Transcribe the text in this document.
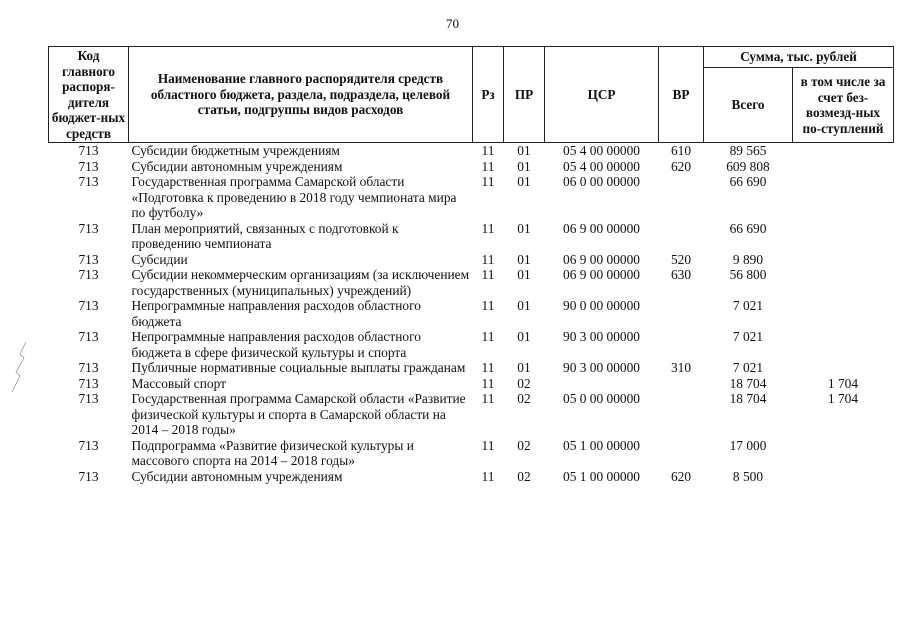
70
Код главного распоря-дителя бюджет-ных средств	Наименование главного распорядителя средств областного бюджета, раздела, подраздела, целевой статьи, подгруппы видов расходов	Рз	ПР	ЦСР	ВР	Сумма, тыс. рублей	
						Всего	в том числе за счет без-возмезд-ных по-ступлений
713	Субсидии бюджетным учреждениям	11	01	05 4 00 00000	610	89 565	
713	Субсидии автономным учреждениям	11	01	05 4 00 00000	620	609 808	
713	Государственная программа Самарской области «Подготовка к проведению в 2018 году чемпионата мира по футболу»	11	01	06 0 00 00000		66 690	
713	План мероприятий, связанных с подготовкой к проведению чемпионата	11	01	06 9 00 00000		66 690	
713	Субсидии	11	01	06 9 00 00000	520	9 890	
713	Субсидии некоммерческим организациям (за исключением государственных (муниципальных) учреждений)	11	01	06 9 00 00000	630	56 800	
713	Непрограммные направления расходов областного бюджета	11	01	90 0 00 00000		7 021	
713	Непрограммные направления расходов областного бюджета в сфере физической культуры и спорта	11	01	90 3 00 00000		7 021	
713	Публичные нормативные социальные выплаты гражданам	11	01	90 3 00 00000	310	7 021	
713	Массовый спорт	11	02			18 704	1 704
713	Государственная программа Самарской области «Развитие физической культуры и спорта в Самарской области на 2014 – 2018 годы»	11	02	05 0 00 00000		18 704	1 704
713	Подпрограмма «Развитие физической культуры и массового спорта на 2014 – 2018 годы»	11	02	05 1 00 00000		17 000	
713	Субсидии автономным учреждениям	11	02	05 1 00 00000	620	8 500	
